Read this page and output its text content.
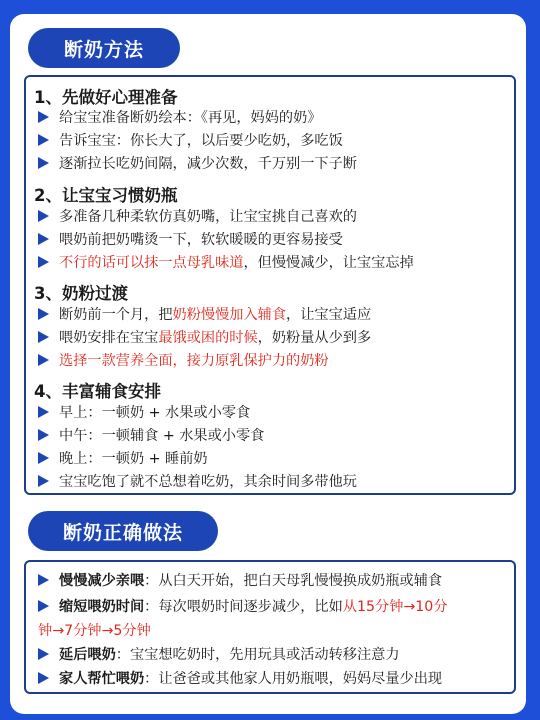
断奶方法
1、先做好心理准备
给宝宝准备断奶绘本：《再见，妈妈的奶》
告诉宝宝：你长大了，以后要少吃奶，多吃饭
逐渐拉长吃奶间隔，减少次数，千万别一下子断
2、让宝宝习惯奶瓶
多准备几种柔软仿真奶嘴，让宝宝挑自己喜欢的
喂奶前把奶嘴烫一下，软软暖暖的更容易接受
不行的话可以抹一点母乳味道 ，但慢慢减少，让宝宝忘掉
3、奶粉过渡
断奶前一个月，把 奶粉慢慢加入辅食 ，让宝宝适应
喂奶安排在宝宝 最饿或困的时候 ，奶粉量从少到多
选择一款营养全面，接力原乳保护力的奶粉
4、丰富辅食安排
早上：一顿奶 + 水果或小零食
中午：一顿辅食 + 水果或小零食
晚上：一顿奶 + 睡前奶
宝宝吃饱了就不总想着吃奶，其余时间多带他玩
断奶正确做法
慢慢减少亲喂 ：从白天开始，把白天母乳慢慢换成奶瓶或辅食
缩短喂奶时间 ：每次喂奶时间逐步减少，比如 从15分钟→10分
钟→7分钟→5分钟
延后喂奶 ：宝宝想吃奶时，先用玩具或活动转移注意力
家人帮忙喂奶 ：让爸爸或其他家人用奶瓶喂，妈妈尽量少出现
